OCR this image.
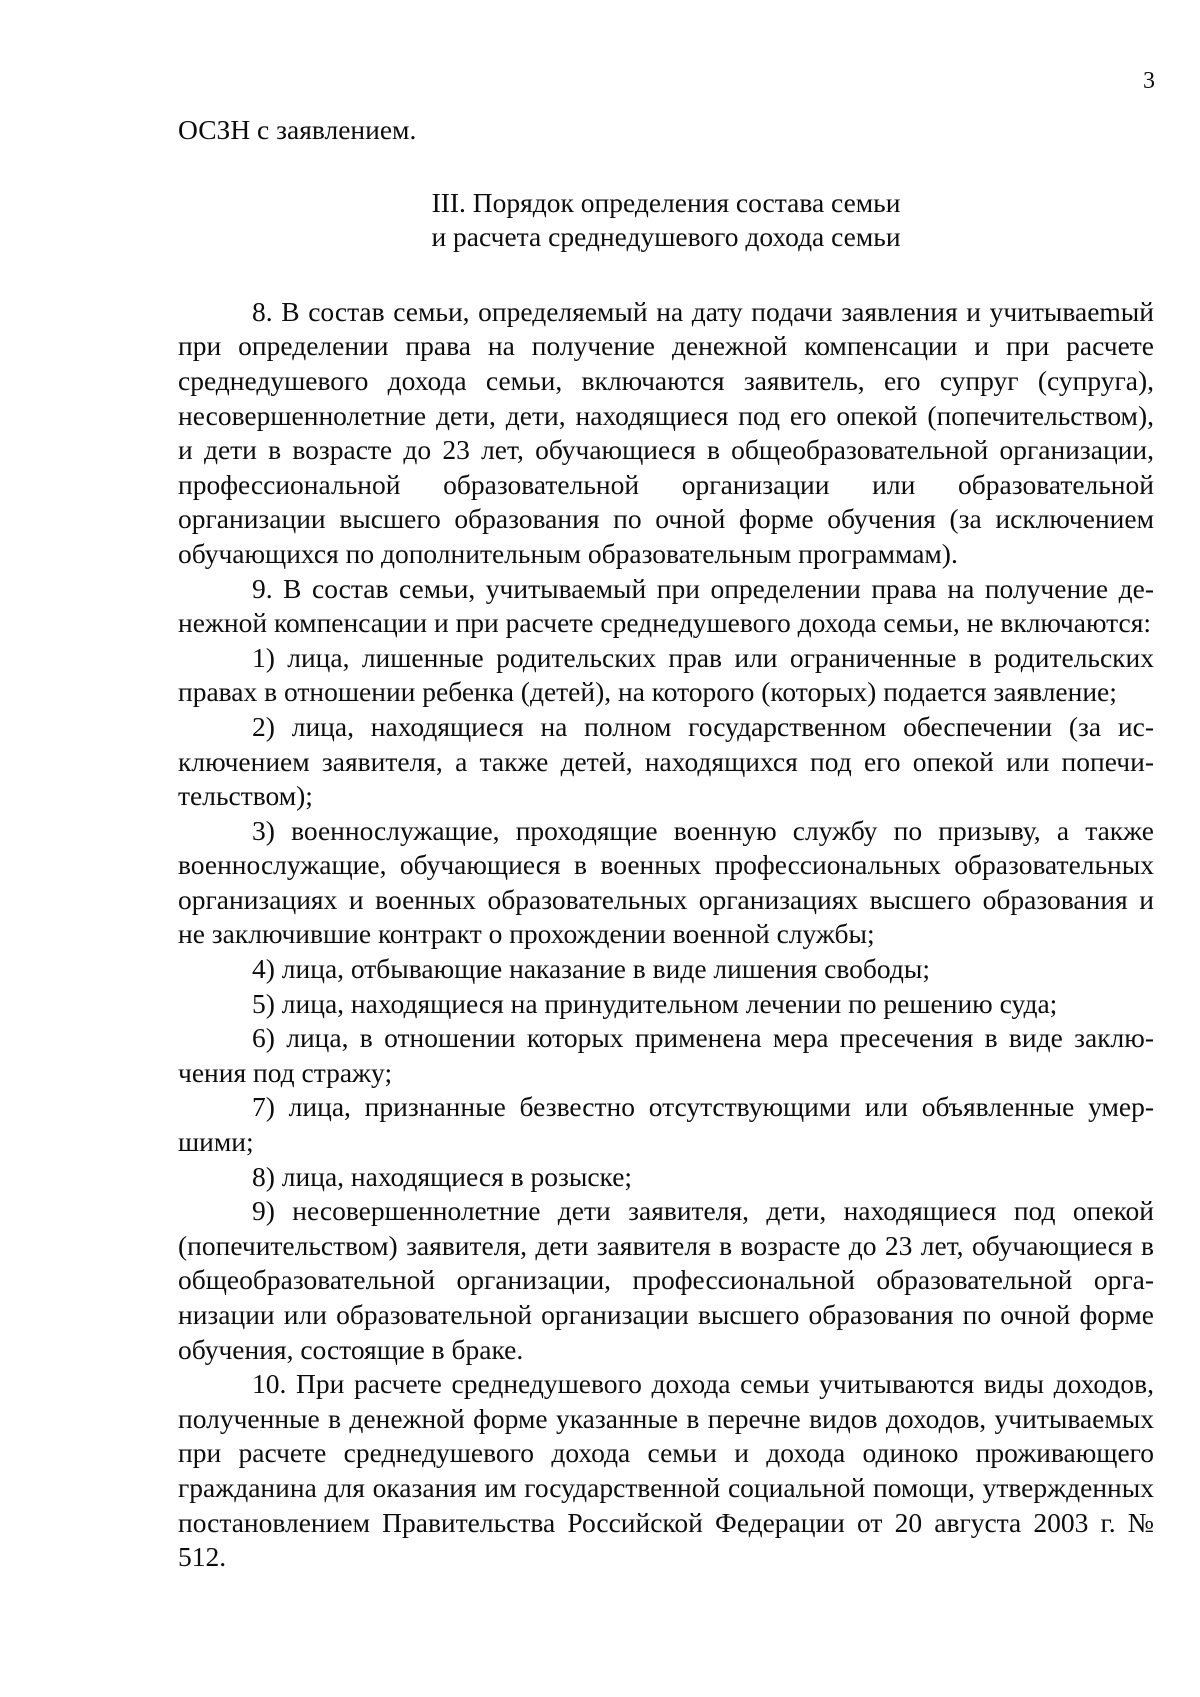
3

ОСЗН с заявлением.

III. Порядок определения состава семьи
и расчета среднедушевого дохода семьи

8. В состав семьи, определяемый на дату подачи заявления и учитываеmый при определении права на получение денежной компенсации и при расчете среднедушевого дохода семьи, включаются заявитель, его супруг (супруга), несовершеннолетние дети, дети, находящиеся под его опекой (попечительством), и дети в возрасте до 23 лет, обучающиеся в общеобразовательной организации, профессиональной образовательной организации или образовательной организации высшего образования по очной форме обучения (за исключением обучающихся по дополнительным образовательным программам).

9. В состав семьи, учитываемый при определении права на получение денежной компенсации и при расчете среднедушевого дохода семьи, не включаются:

1) лица, лишенные родительских прав или ограниченные в родительских правах в отношении ребенка (детей), на которого (которых) подается заявление;

2) лица, находящиеся на полном государственном обеспечении (за исключением заявителя, а также детей, находящихся под его опекой или попечительством);

3) военнослужащие, проходящие военную службу по призыву, а также военнослужащие, обучающиеся в военных профессиональных образовательных организациях и военных образовательных организациях высшего образования и не заключившие контракт о прохождении военной службы;

4) лица, отбывающие наказание в виде лишения свободы;

5) лица, находящиеся на принудительном лечении по решению суда;

6) лица, в отношении которых применена мера пресечения в виде заключения под стражу;

7) лица, признанные безвестно отсутствующими или объявленные умершими;

8) лица, находящиеся в розыске;

9) несовершеннолетние дети заявителя, дети, находящиеся под опекой (попечительством) заявителя, дети заявителя в возрасте до 23 лет, обучающиеся в общеобразовательной организации, профессиональной образовательной организации или образовательной организации высшего образования по очной форме обучения, состоящие в браке.

10. При расчете среднедушевого дохода семьи учитываются виды доходов, полученные в денежной форме указанные в перечне видов доходов, учитываемых при расчете среднедушевого дохода семьи и дохода одиноко проживающего гражданина для оказания им государственной социальной помощи, утвержденных постановлением Правительства Российской Федерации от 20 августа 2003 г. № 512.
